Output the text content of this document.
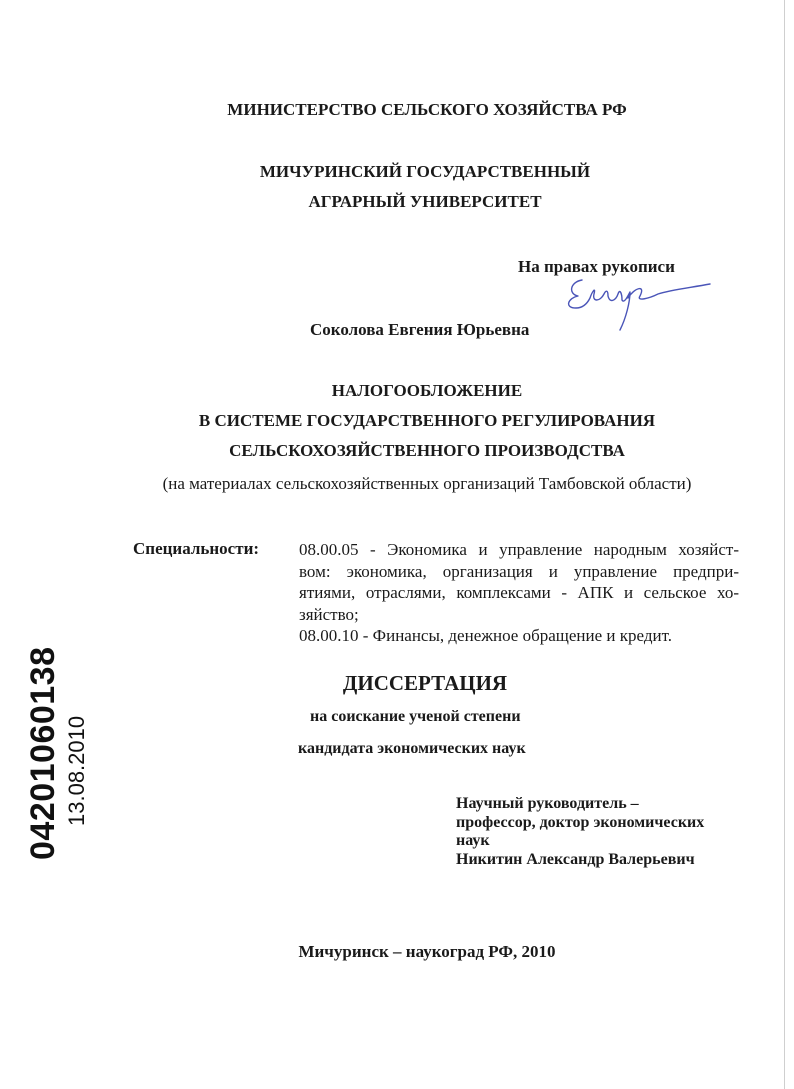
МИНИСТЕРСТВО СЕЛЬСКОГО ХОЗЯЙСТВА РФ
МИЧУРИНСКИЙ ГОСУДАРСТВЕННЫЙ
АГРАРНЫЙ УНИВЕРСИТЕТ
На правах рукописи
Соколова Евгения Юрьевна
НАЛОГООБЛОЖЕНИЕ
В СИСТЕМЕ ГОСУДАРСТВЕННОГО РЕГУЛИРОВАНИЯ
СЕЛЬСКОХОЗЯЙСТВЕННОГО ПРОИЗВОДСТВА
(на материалах сельскохозяйственных организаций Тамбовской области)
Специальности: 08.00.05 - Экономика и управление народным хозяйст-
вом: экономика, организация и управление предпри-
ятиями, отраслями, комплексами - АПК и сельское хо-
зяйство;
08.00.10 - Финансы, денежное обращение и кредит.
ДИССЕРТАЦИЯ
на соискание ученой степени
кандидата экономических наук
Научный руководитель –
профессор, доктор экономических
наук
Никитин Александр Валерьевич
Мичуринск – наукоград РФ, 2010
04201060138 13.08.2010
